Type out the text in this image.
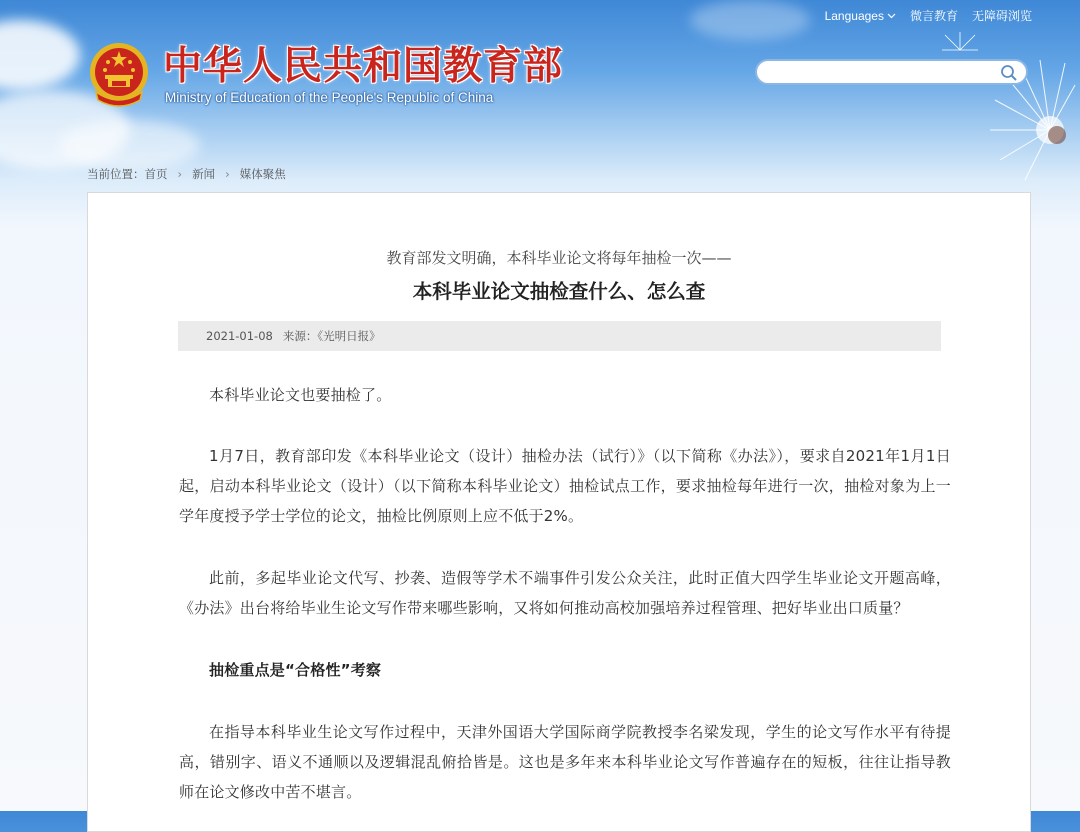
中华人民共和国教育部
Ministry of Education of the People's Republic of China
Languages 微言教育 无障碍浏览
当前位置： 首页 › 新闻 › 媒体聚焦
教育部发文明确，本科毕业论文将每年抽检一次——
本科毕业论文抽检查什么、怎么查
2021-01-08 来源：《光明日报》

本科毕业论文也要抽检了。

1月7日，教育部印发《本科毕业论文（设计）抽检办法（试行）》（以下简称《办法》），要求自2021年1月1日起，启动本科毕业论文（设计）（以下简称本科毕业论文）抽检试点工作，要求抽检每年进行一次，抽检对象为上一学年度授予学士学位的论文，抽检比例原则上应不低于2%。

此前，多起毕业论文代写、抄袭、造假等学术不端事件引发公众关注，此时正值大四学生毕业论文开题高峰，《办法》出台将给毕业生论文写作带来哪些影响，又将如何推动高校加强培养过程管理、把好毕业出口质量？

抽检重点是“合格性”考察

在指导本科毕业生论文写作过程中，天津外国语大学国际商学院教授李名梁发现，学生的论文写作水平有待提高，错别字、语义不通顺以及逻辑混乱俯拾皆是。这也是多年来本科毕业论文写作普遍存在的短板，往往让指导教师在论文修改中苦不堪言。
